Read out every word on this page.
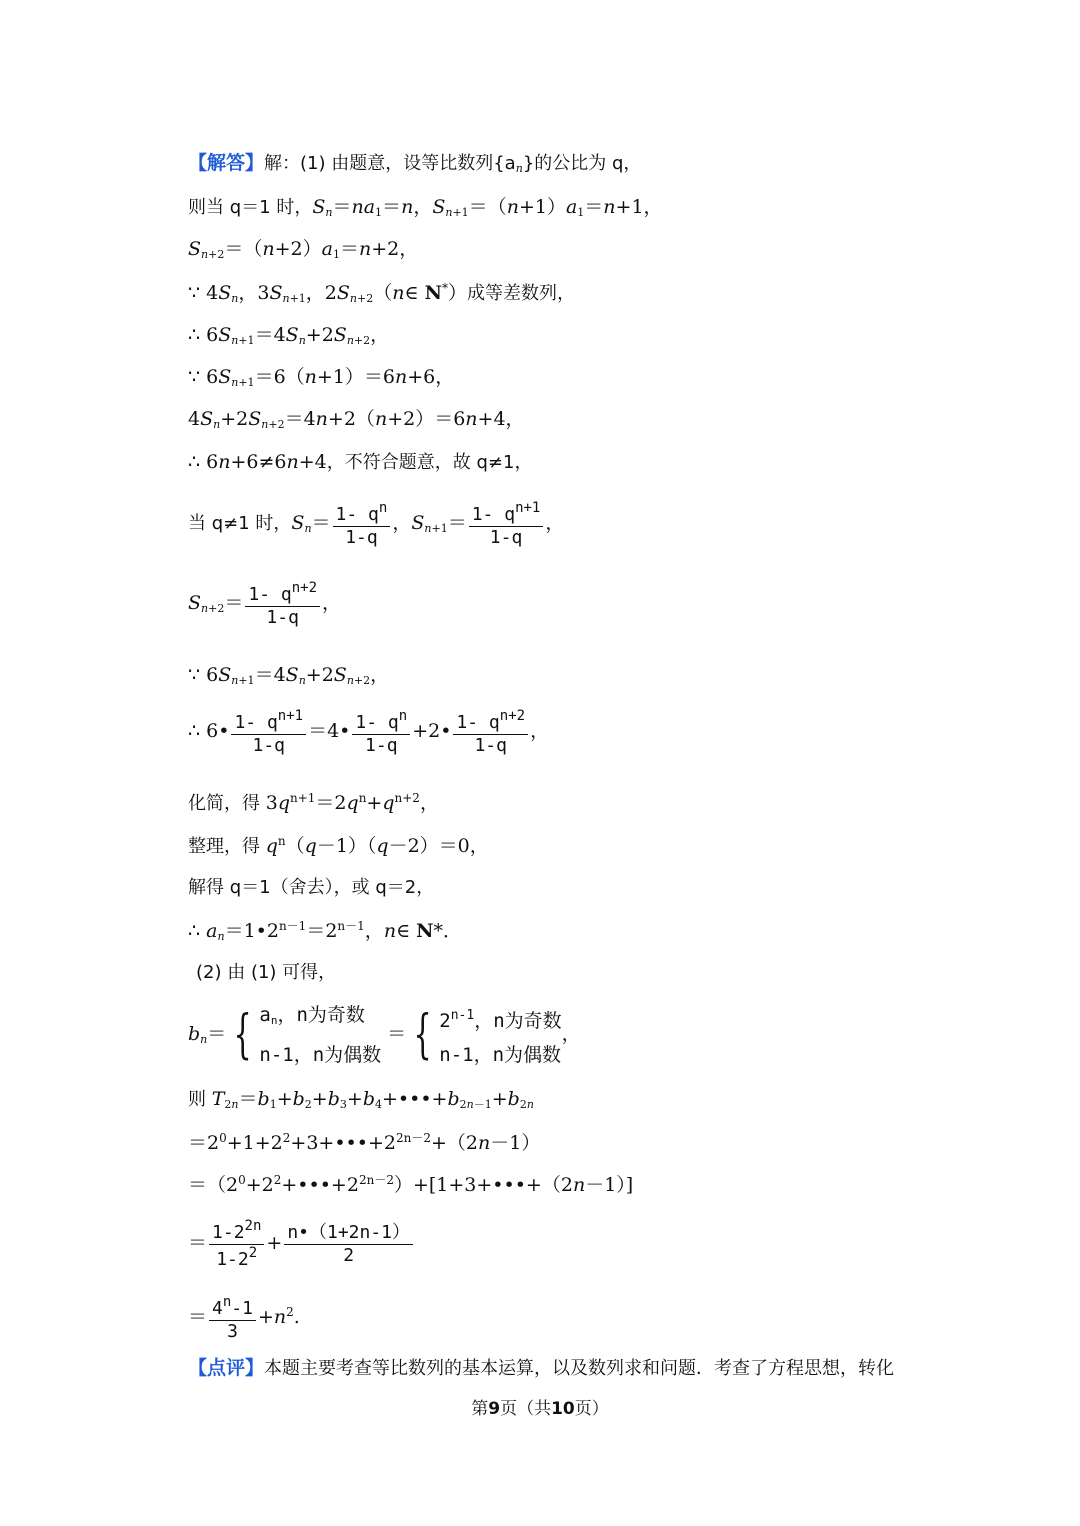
【解答】解：(1) 由题意，设等比数列$\{a_n\}$的公比为 q，
则当 q＝1 时，$S_n=na1=n$，$S_n+1=(n+1)a1=n+1$，
$S_n+2=(n+2)a1=n+2$，
∵ $4S_n$，$3S_n+1$，$2S_n+2(n\in$ N*）成等差数列，
∴ $6S_n+1=4S_n+2S_n+2$，
∵ $6S_n+1=6(n+1)=6n+6$，
$4S_n+2S_n+2=4n+2(n+2)=6n+4$，
∴ 6n+6≠6n+4，不符合题意，故 q≠1，
当 q≠1 时，$S_n= \frac{1- q^n}{1-q}$ ，$S_n+1= \frac{1- q^{n+1}}{1-q}$ ，
$S_n+2= \frac{1- q^{n+2}}{1-q}$ ，
∵ $6S_n+1=4S_n+2S_n+2$，
∴ 6• $\frac{1- q^{n+1}}{1-q}$ ＝4• $\frac{1- q^n}{1-q}$ +2• $\frac{1- q^{n+2}}{1-q}$ ，
化简，得 $3q^{n+1}=2q^n+q^{n+2}$，
整理，得 $q^n(q-1)(q-2)=0$，
解得 q＝1（舍去），或 q＝2，
∴ $a_n=1•2^{n-1}=2^{n-1}$，n∈ N*．
(2) 由 (1) 可得，
$b_n=$ { an，n为奇数
n-1，n为偶数
＝ { 2$^{n-1}$，n为奇数
n-1，n为偶数
，
则 T2n＝b1+b2+b3+b4+•••+b2n－1+b2n
$=2^0+1+2^2+3+•••+2^{2n-2}+(2n-1)$
$=(2^0+2^2+•••+2^{2n-2})+[1+3+•••+(2n-1)]$
＝ $\frac{1-2^{2n}}{1-2^2} + \frac{n•(1+2n-1)}{2}$
＝ $\frac{4^n-1}{3} +n^2$.
【点评】本题主要考查等比数列的基本运算，以及数列求和问题．考查了方程思想，转化
第9页（共10页）
